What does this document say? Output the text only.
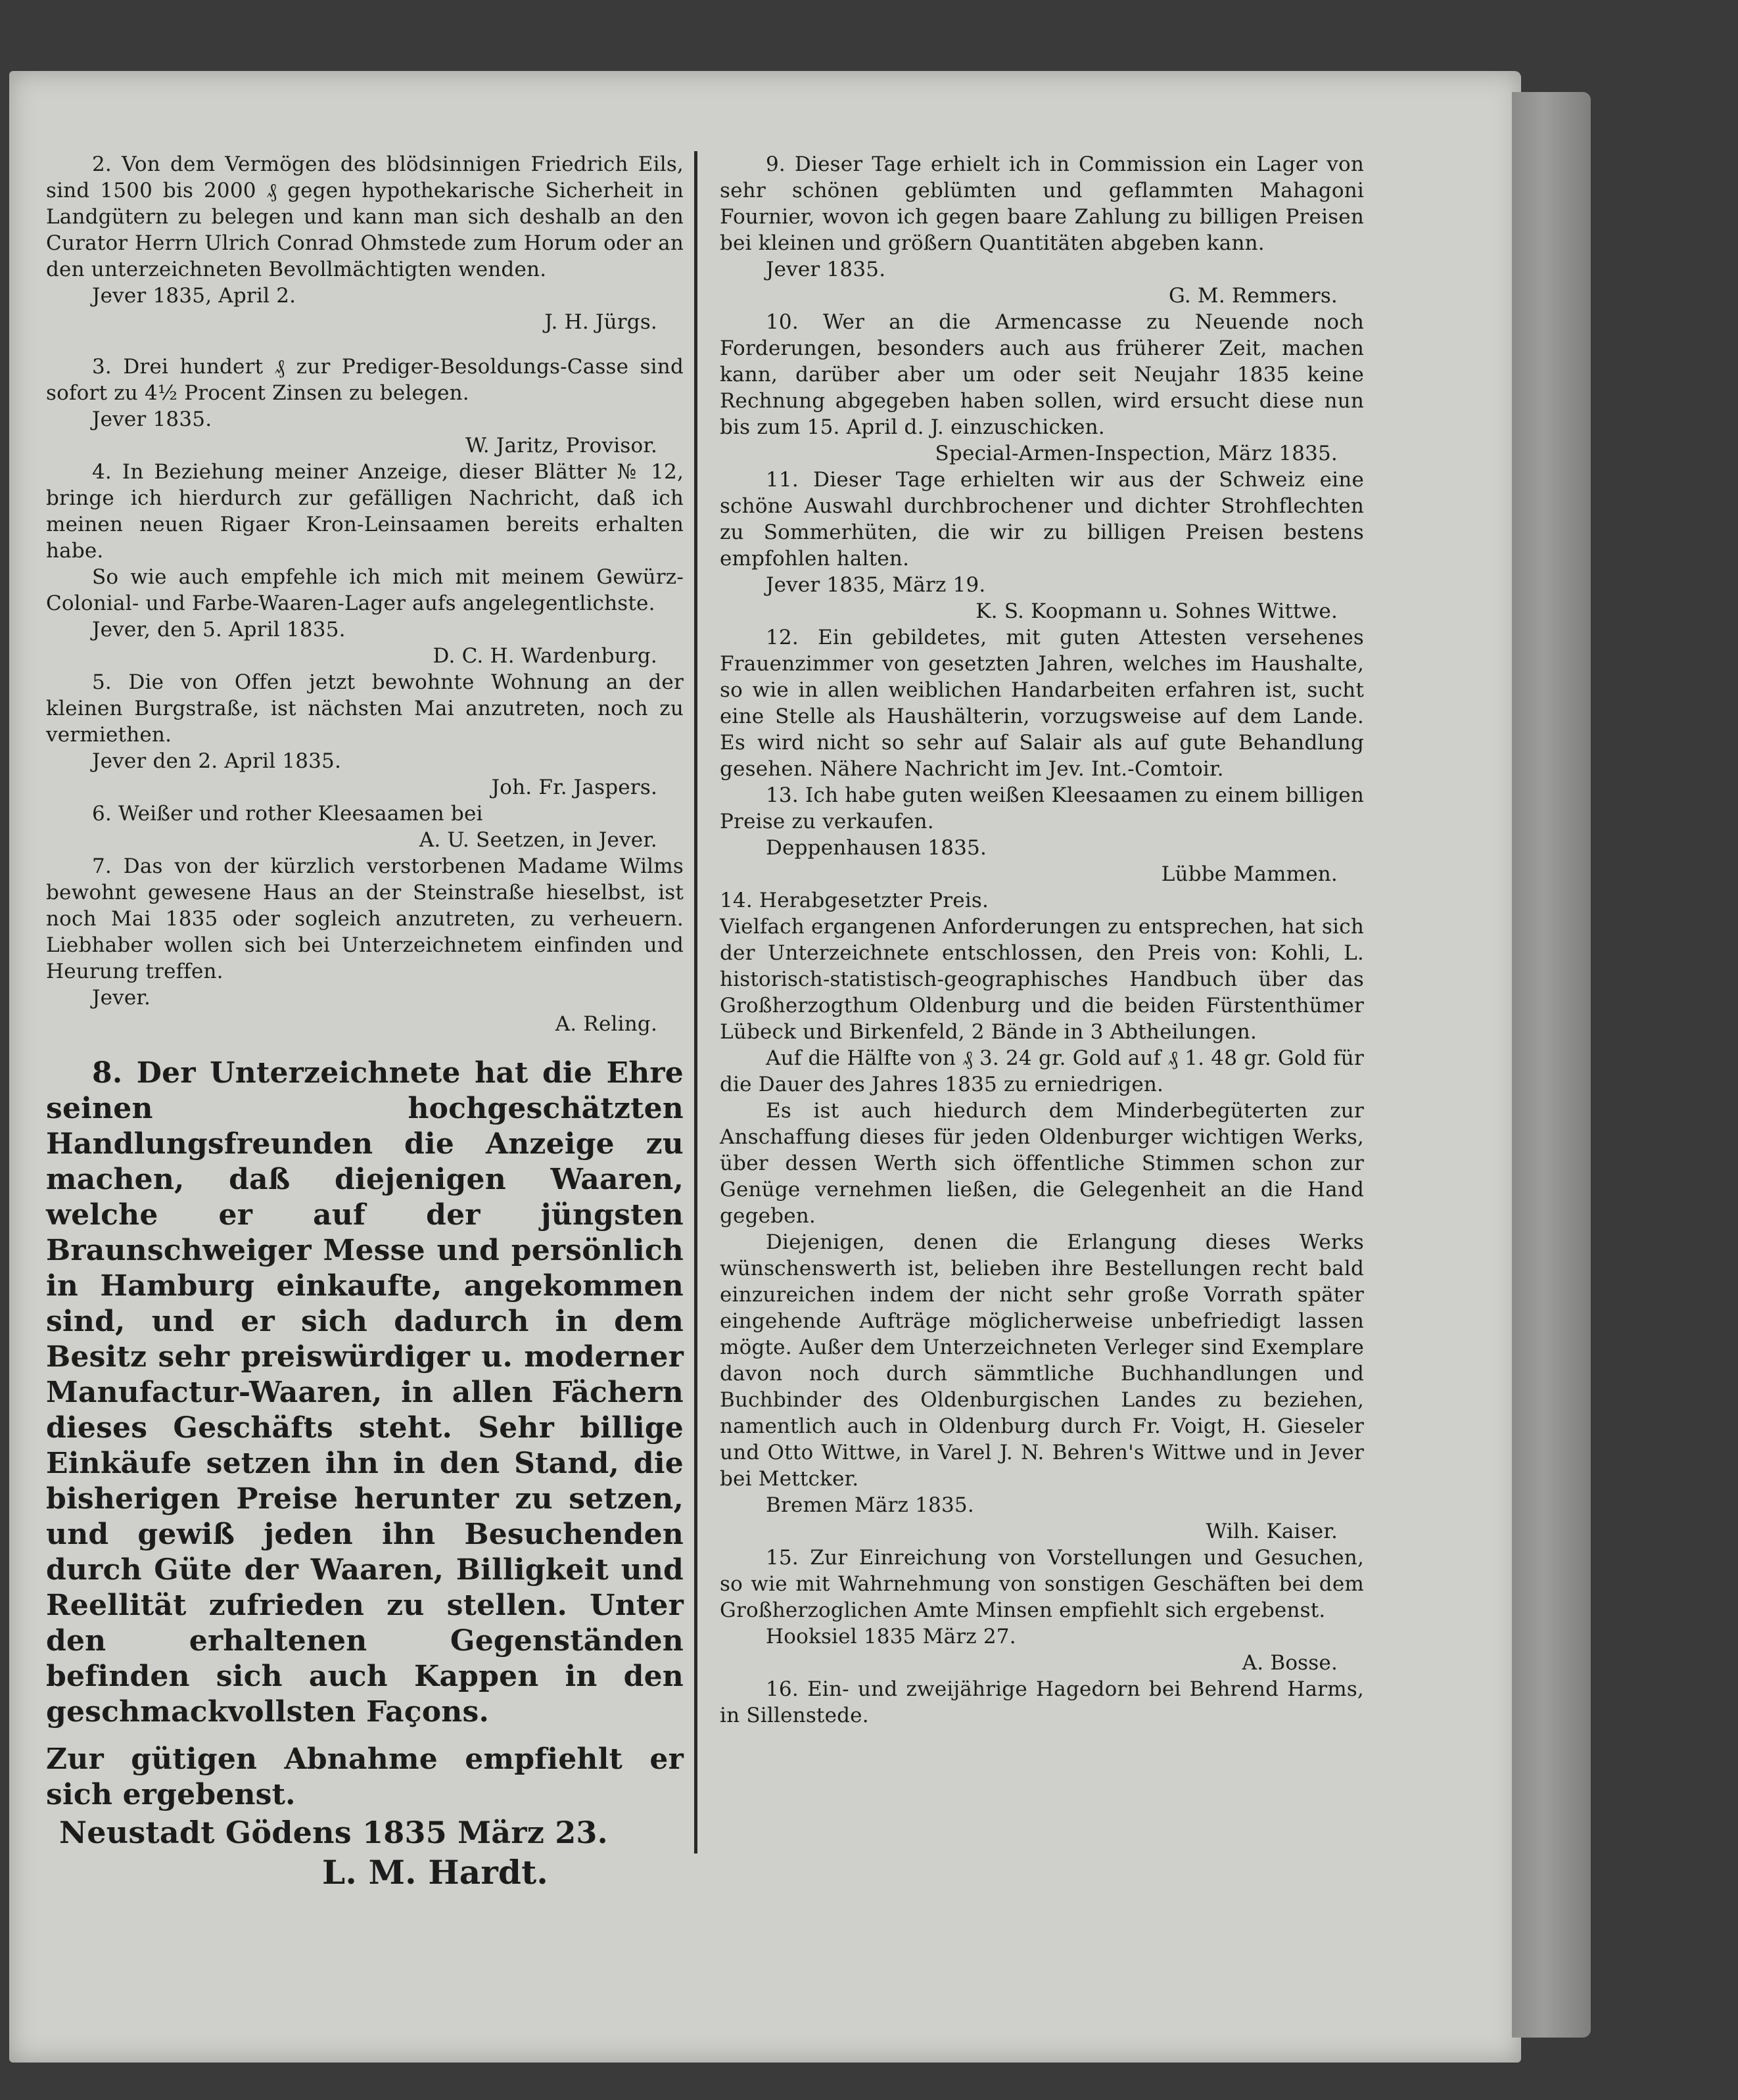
2. Von dem Vermögen des blödsinnigen Friedrich Eils, sind 1500 bis 2000 ₰ gegen hypothekarische Sicherheit in Landgütern zu belegen und kann man sich deshalb an den Curator Herrn Ulrich Conrad Ohmstede zum Horum oder an den unterzeichneten Bevollmächtigten wenden.

Jever 1835, April 2.

J. H. Jürgs.

3. Drei hundert ₰ zur Prediger-Besoldungs-Casse sind sofort zu 4½ Procent Zinsen zu belegen.

Jever 1835.

W. Jaritz, Provisor.

4. In Beziehung meiner Anzeige, dieser Blätter № 12, bringe ich hierdurch zur gefälligen Nachricht, daß ich meinen neuen Rigaer Kron-Leinsaamen bereits erhalten habe.

So wie auch empfehle ich mich mit meinem Gewürz-Colonial- und Farbe-Waaren-Lager aufs angelegentlichste.

Jever, den 5. April 1835.

D. C. H. Wardenburg.

5. Die von Offen jetzt bewohnte Wohnung an der kleinen Burgstraße, ist nächsten Mai anzutreten, noch zu vermiethen.

Jever den 2. April 1835.

Joh. Fr. Jaspers.

6. Weißer und rother Kleesaamen bei

A. U. Seetzen, in Jever.

7. Das von der kürzlich verstorbenen Madame Wilms bewohnt gewesene Haus an der Steinstraße hieselbst, ist noch Mai 1835 oder sogleich anzutreten, zu verheuern. Liebhaber wollen sich bei Unterzeichnetem einfinden und Heurung treffen.

Jever.

A. Reling.

8. Der Unterzeichnete hat die Ehre seinen hochgeschätzten Handlungsfreunden die Anzeige zu machen, daß diejenigen Waaren, welche er auf der jüngsten Braunschweiger Messe und persönlich in Hamburg einkaufte, angekommen sind, und er sich dadurch in dem Besitz sehr preiswürdiger u. moderner Manufactur-Waaren, in allen Fächern dieses Geschäfts steht. Sehr billige Einkäufe setzen ihn in den Stand, die bisherigen Preise herunter zu setzen, und gewiß jeden ihn Besuchenden durch Güte der Waaren, Billigkeit und Reellität zufrieden zu stellen. Unter den erhaltenen Gegenständen befinden sich auch Kappen in den geschmackvollsten Façons.

Zur gütigen Abnahme empfiehlt er sich ergebenst.

Neustadt Gödens 1835 März 23.

L. M. Hardt.

9. Dieser Tage erhielt ich in Commission ein Lager von sehr schönen geblümten und geflammten Mahagoni Fournier, wovon ich gegen baare Zahlung zu billigen Preisen bei kleinen und größern Quantitäten abgeben kann.

Jever 1835.

G. M. Remmers.

10. Wer an die Armencasse zu Neuende noch Forderungen, besonders auch aus früherer Zeit, machen kann, darüber aber um oder seit Neujahr 1835 keine Rechnung abgegeben haben sollen, wird ersucht diese nun bis zum 15. April d. J. einzuschicken.

Special-Armen-Inspection, März 1835.

11. Dieser Tage erhielten wir aus der Schweiz eine schöne Auswahl durchbrochener und dichter Strohflechten zu Sommerhüten, die wir zu billigen Preisen bestens empfohlen halten.

Jever 1835, März 19.

K. S. Koopmann u. Sohnes Wittwe.

12. Ein gebildetes, mit guten Attesten versehenes Frauenzimmer von gesetzten Jahren, welches im Haushalte, so wie in allen weiblichen Handarbeiten erfahren ist, sucht eine Stelle als Haushälterin, vorzugsweise auf dem Lande. Es wird nicht so sehr auf Salair als auf gute Behandlung gesehen. Nähere Nachricht im Jev. Int.-Comtoir.

13. Ich habe guten weißen Kleesaamen zu einem billigen Preise zu verkaufen.

Deppenhausen 1835.

Lübbe Mammen.

14. Herabgesetzter Preis.

Vielfach ergangenen Anforderungen zu entsprechen, hat sich der Unterzeichnete entschlossen, den Preis von: Kohli, L. historisch-statistisch-geographisches Handbuch über das Großherzogthum Oldenburg und die beiden Fürstenthümer Lübeck und Birkenfeld, 2 Bände in 3 Abtheilungen.

Auf die Hälfte von ₰ 3. 24 gr. Gold auf ₰ 1. 48 gr. Gold für die Dauer des Jahres 1835 zu erniedrigen.

Es ist auch hiedurch dem Minderbegüterten zur Anschaffung dieses für jeden Oldenburger wichtigen Werks, über dessen Werth sich öffentliche Stimmen schon zur Genüge vernehmen ließen, die Gelegenheit an die Hand gegeben.

Diejenigen, denen die Erlangung dieses Werks wünschenswerth ist, belieben ihre Bestellungen recht bald einzureichen indem der nicht sehr große Vorrath später eingehende Aufträge möglicherweise unbefriedigt lassen mögte. Außer dem Unterzeichneten Verleger sind Exemplare davon noch durch sämmtliche Buchhandlungen und Buchbinder des Oldenburgischen Landes zu beziehen, namentlich auch in Oldenburg durch Fr. Voigt, H. Gieseler und Otto Wittwe, in Varel J. N. Behren's Wittwe und in Jever bei Mettcker.

Bremen März 1835.

Wilh. Kaiser.

15. Zur Einreichung von Vorstellungen und Gesuchen, so wie mit Wahrnehmung von sonstigen Geschäften bei dem Großherzoglichen Amte Minsen empfiehlt sich ergebenst.

Hooksiel 1835 März 27.

A. Bosse.

16. Ein- und zweijährige Hagedorn bei Behrend Harms, in Sillenstede.
